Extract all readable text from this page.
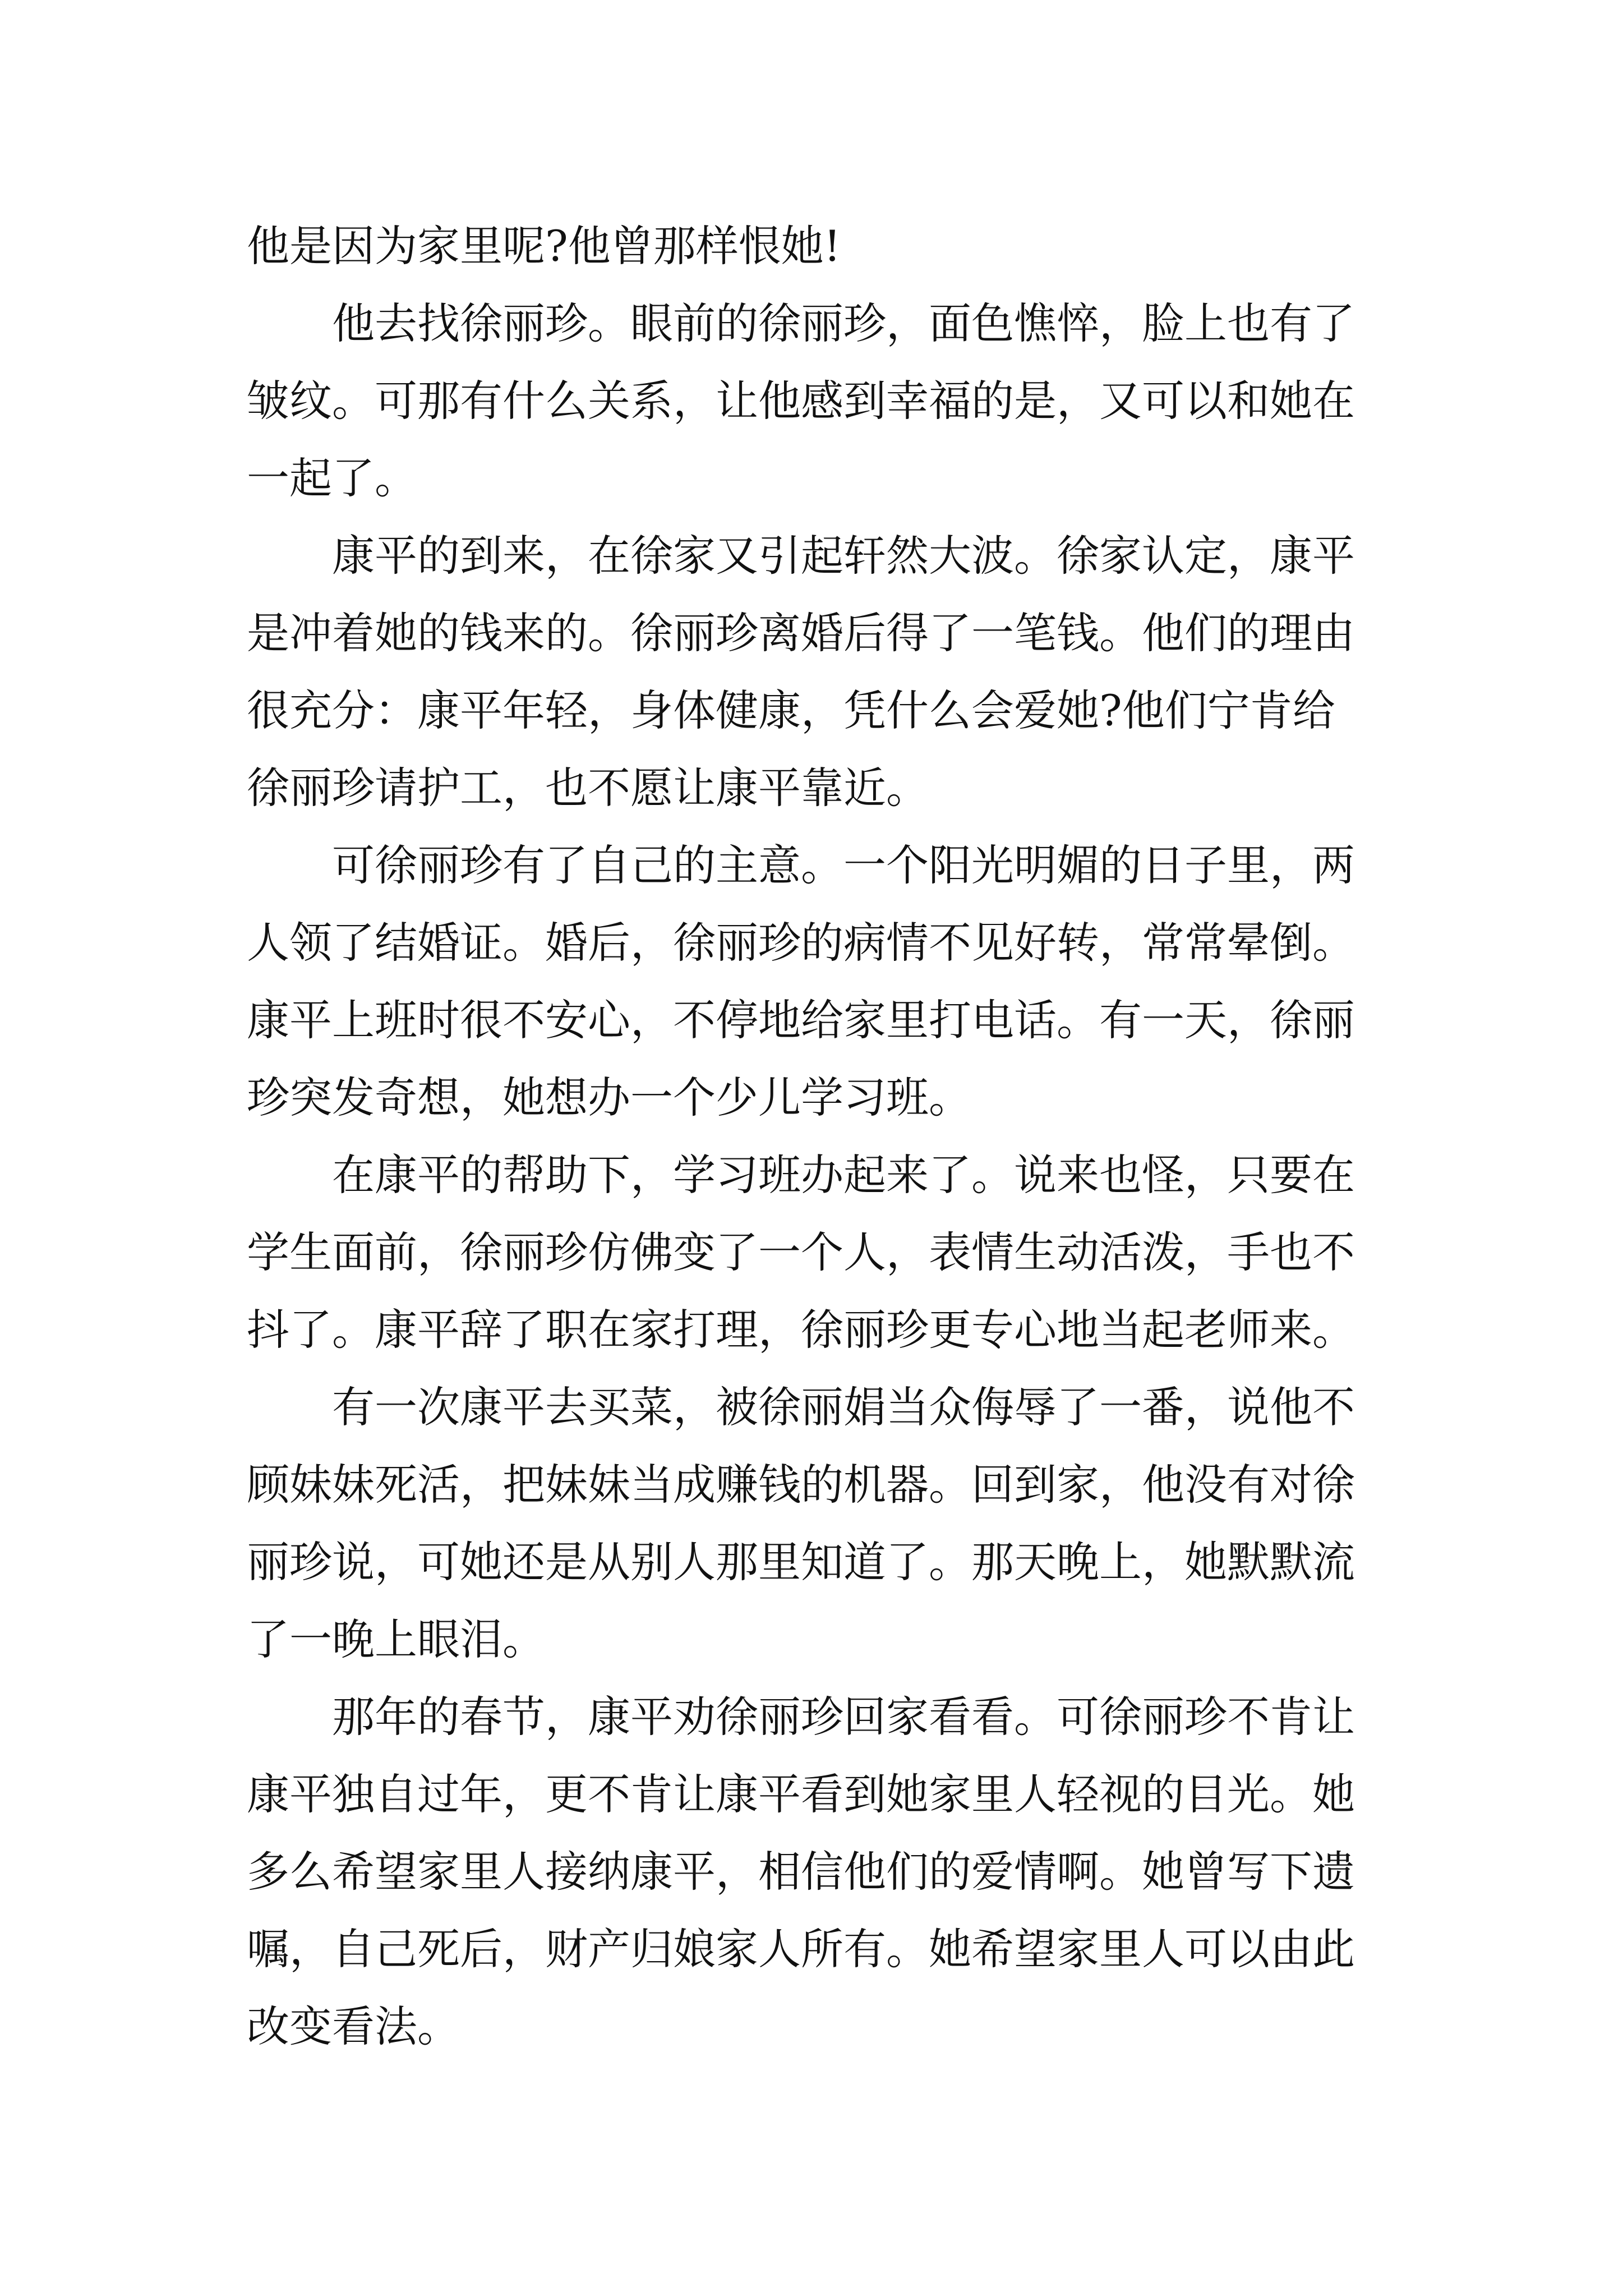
他是因为家里呢?他曾那样恨她!
　　他去找徐丽珍。眼前的徐丽珍，面色憔悴，脸上也有了
皱纹。可那有什么关系，让他感到幸福的是，又可以和她在
一起了。
　　康平的到来，在徐家又引起轩然大波。徐家认定，康平
是冲着她的钱来的。徐丽珍离婚后得了一笔钱。他们的理由
很充分：康平年轻，身体健康，凭什么会爱她?他们宁肯给
徐丽珍请护工，也不愿让康平靠近。
　　可徐丽珍有了自己的主意。一个阳光明媚的日子里，两
人领了结婚证。婚后，徐丽珍的病情不见好转，常常晕倒。
康平上班时很不安心，不停地给家里打电话。有一天，徐丽
珍突发奇想，她想办一个少儿学习班。
　　在康平的帮助下，学习班办起来了。说来也怪，只要在
学生面前，徐丽珍仿佛变了一个人，表情生动活泼，手也不
抖了。康平辞了职在家打理，徐丽珍更专心地当起老师来。
　　有一次康平去买菜，被徐丽娟当众侮辱了一番，说他不
顾妹妹死活，把妹妹当成赚钱的机器。回到家，他没有对徐
丽珍说，可她还是从别人那里知道了。那天晚上，她默默流
了一晚上眼泪。
　　那年的春节，康平劝徐丽珍回家看看。可徐丽珍不肯让
康平独自过年，更不肯让康平看到她家里人轻视的目光。她
多么希望家里人接纳康平，相信他们的爱情啊。她曾写下遗
嘱，自己死后，财产归娘家人所有。她希望家里人可以由此
改变看法。
